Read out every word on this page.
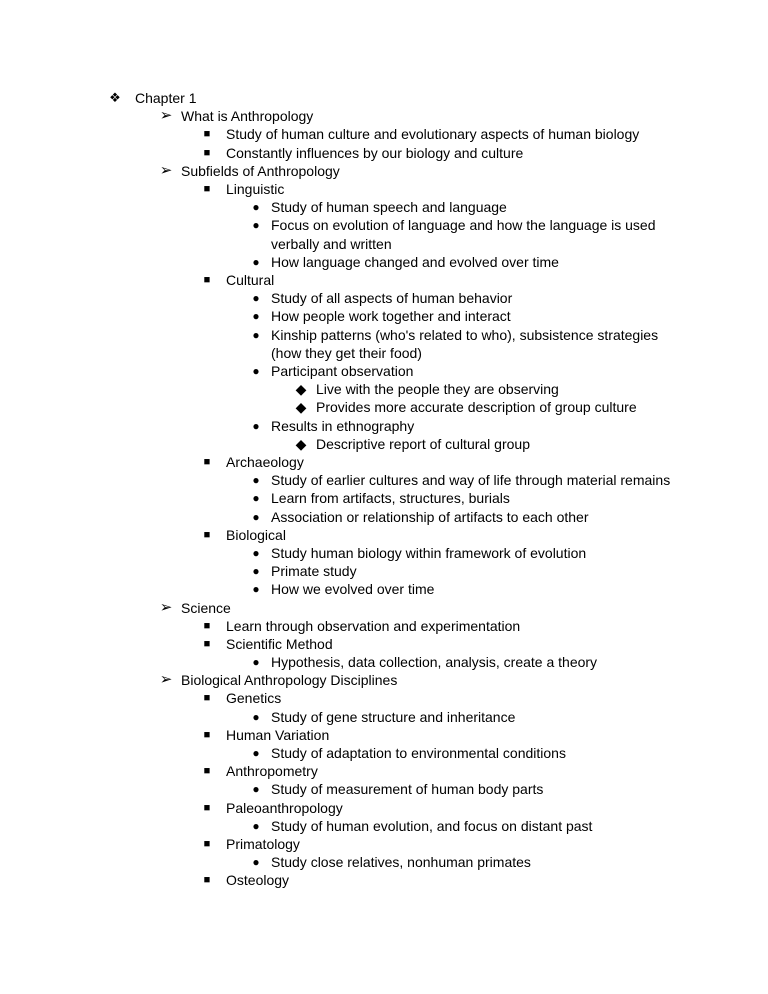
❖ Chapter 1
➢ What is Anthropology
■	Study of human culture and evolutionary aspects of human biology
■	Constantly influences by our biology and culture
➢ Subfields of Anthropology
■	Linguistic
● Study of human speech and language
● Focus on evolution of language and how the language is used verbally and written
● How language changed and evolved over time
■	Cultural
● Study of all aspects of human behavior
● How people work together and interact
● Kinship patterns (who's related to who), subsistence strategies (how they get their food)
● Participant observation
◆ Live with the people they are observing
◆ Provides more accurate description of group culture
● Results in ethnography
◆ Descriptive report of cultural group
■	Archaeology
● Study of earlier cultures and way of life through material remains
● Learn from artifacts, structures, burials
● Association or relationship of artifacts to each other
■	Biological
● Study human biology within framework of evolution
● Primate study
● How we evolved over time
➢ Science
■	Learn through observation and experimentation
■	Scientific Method
● Hypothesis, data collection, analysis, create a theory
➢ Biological Anthropology Disciplines
■	Genetics
● Study of gene structure and inheritance
■	Human Variation
● Study of adaptation to environmental conditions
■	Anthropometry
● Study of measurement of human body parts
■	Paleoanthropology
● Study of human evolution, and focus on distant past
■	Primatology
● Study close relatives, nonhuman primates
■	Osteology
